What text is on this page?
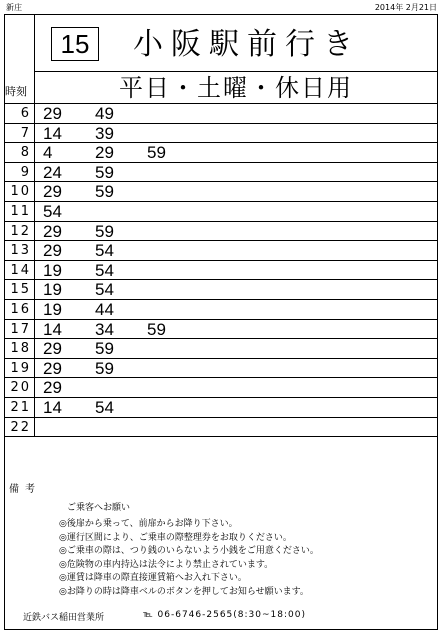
新庄	2014年 2月21日
時刻
15	小阪駅前行き
平日・土曜・休日用
6 29 49
7 14 39
8 4	29 59
9 24 59
10 29 59
11 54
12 29 59
13 29 54
14 19 54
15 19 54
16 19 44
17 14 34 59
18 29 59
19 29 59
20 29
21 14 54
22
備考
ご乗客へお願い
◎後扉から乗って、前扉からお降り下さい。
◎運行区間により、ご乗車の際整理券をお取りください。
◎ご乗車の際は、つり銭のいらないよう小銭をご用意ください。
◎危険物の車内持込は法令により禁止されています。
◎運賃は降車の際直接運賃箱へお入れ下さい。
◎お降りの時は降車ベルのボタンを押してお知らせ願います。
近鉄バス稲田営業所	℡ 06-6746-2565(8:30~18:00)
